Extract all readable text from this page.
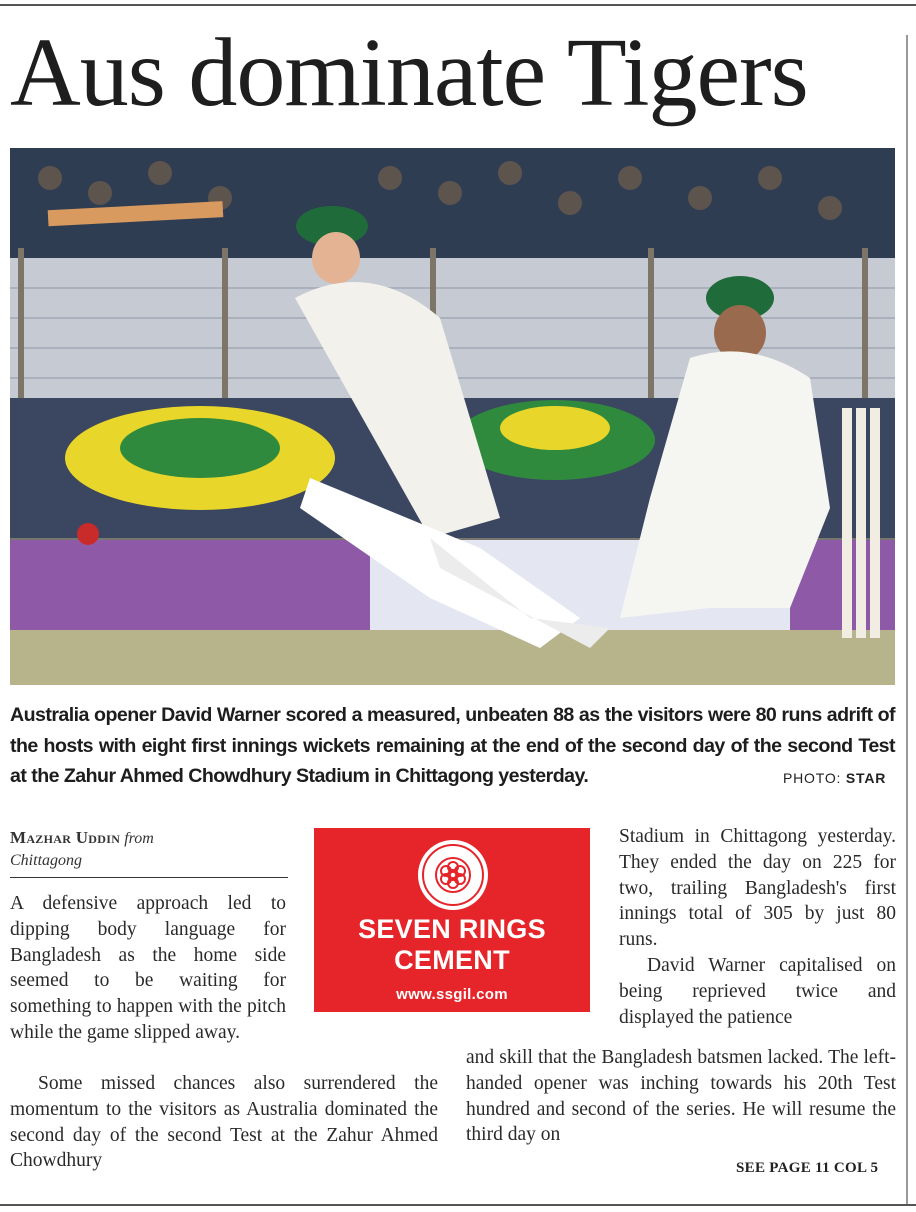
Aus dominate Tigers

Australia opener David Warner scored a measured, unbeaten 88 as the visitors were 80 runs adrift of the hosts with eight first innings wickets remaining at the end of the second day of the second Test at the Zahur Ahmed Chowdhury Stadium in Chittagong yesterday.	PHOTO: STAR
Mazhar Uddin from
Chittagong

A defensive approach led to dipping body language for Bangladesh as the home side seemed to be waiting for something to happen with the pitch while the game slipped away.

Some missed chances also surrendered the momentum to the visitors as Australia dominated the second day of the second Test at the Zahur Ahmed Chowdhury

Stadium in Chittagong yesterday. They ended the day on 225 for two, trailing Bangladesh's first innings total of 305 by just 80 runs.

David Warner capitalised on being reprieved twice and displayed the patience

and skill that the Bangladesh batsmen lacked. The left-handed opener was inching towards his 20th Test hundred and second of the series. He will resume the third day on

SEE PAGE 11 COL 5
SEVEN RINGS
CEMENT
www.ssgil.com
